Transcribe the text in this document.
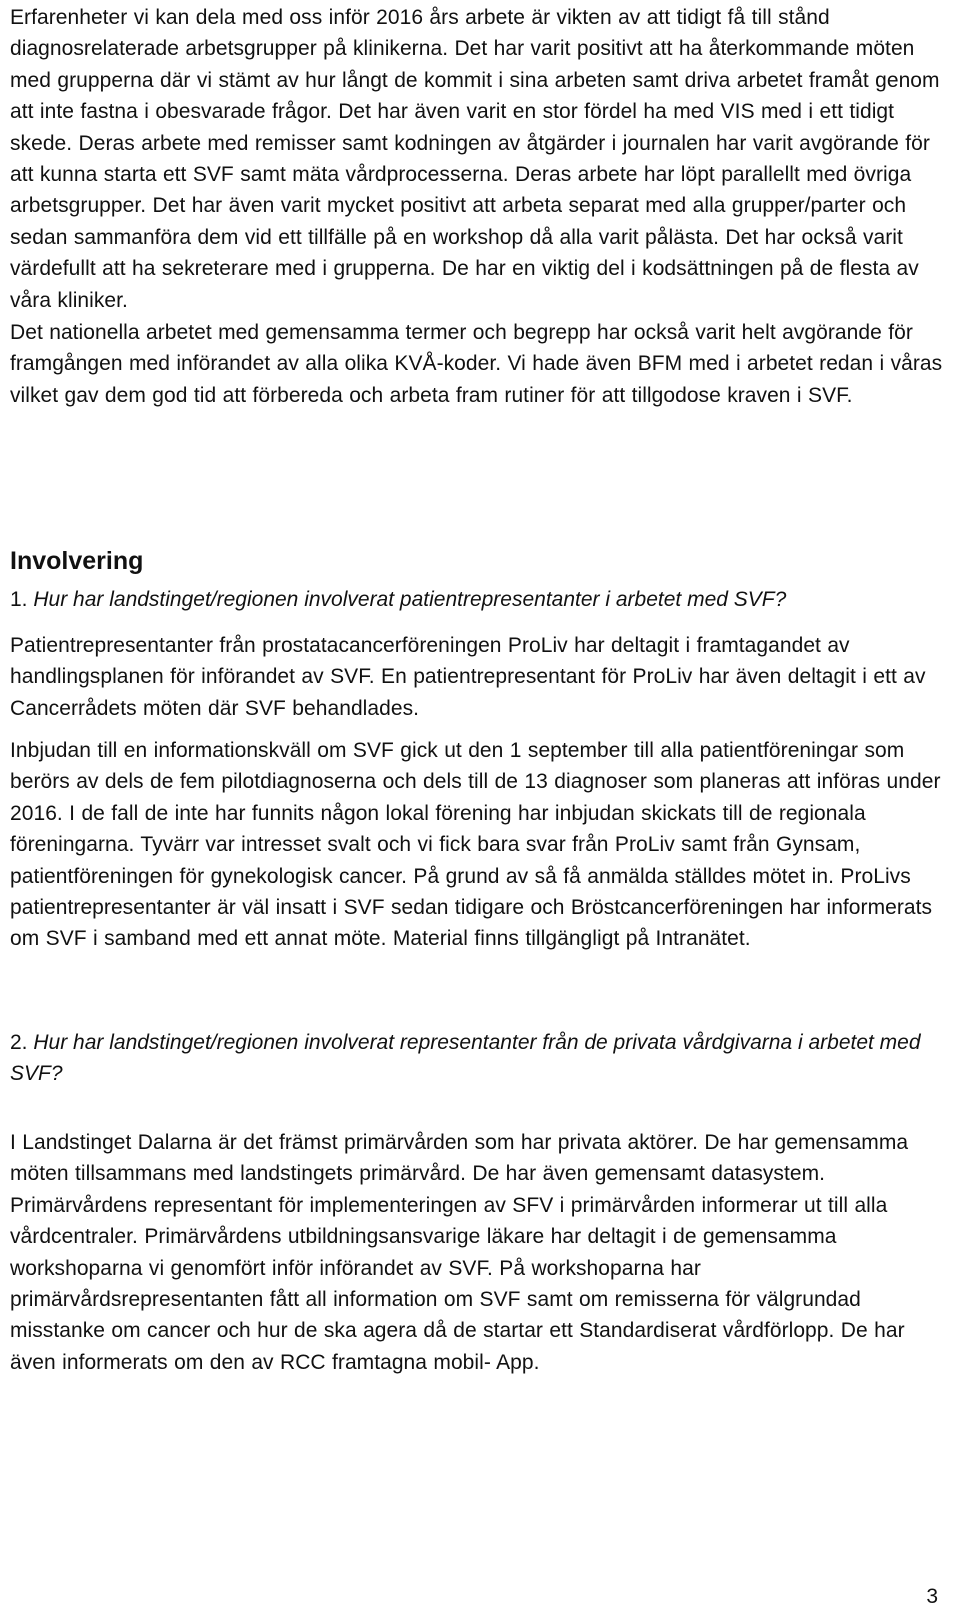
Erfarenheter vi kan dela med oss inför 2016 års arbete är vikten av att tidigt få till stånd diagnosrelaterade arbetsgrupper på klinikerna. Det har varit positivt att ha återkommande möten med grupperna där vi stämt av hur långt de kommit i sina arbeten samt driva arbetet framåt genom att inte fastna i obesvarade frågor. Det har även varit en stor fördel ha med VIS med i ett tidigt skede. Deras arbete med remisser samt kodningen av åtgärder i journalen har varit avgörande för att kunna starta ett SVF samt mäta vårdprocesserna. Deras arbete har löpt parallellt med övriga arbetsgrupper. Det har även varit mycket positivt att arbeta separat med alla grupper/parter och sedan sammanföra dem vid ett tillfälle på en workshop då alla varit pålästa. Det har också varit värdefullt att ha sekreterare med i grupperna. De har en viktig del i kodsättningen på de flesta av våra kliniker.

Det nationella arbetet med gemensamma termer och begrepp har också varit helt avgörande för framgången med införandet av alla olika KVÅ-koder. Vi hade även BFM med i arbetet redan i våras vilket gav dem god tid att förbereda och arbeta fram rutiner för att tillgodose kraven i SVF.

Involvering

1. Hur har landstinget/regionen involverat patientrepresentanter i arbetet med SVF?

Patientrepresentanter från prostatacancerföreningen ProLiv har deltagit i framtagandet av handlingsplanen för införandet av SVF. En patientrepresentant för ProLiv har även deltagit i ett av Cancerrådets möten där SVF behandlades.

Inbjudan till en informationskväll om SVF gick ut den 1 september till alla patientföreningar som berörs av dels de fem pilotdiagnoserna och dels till de 13 diagnoser som planeras att införas under 2016. I de fall de inte har funnits någon lokal förening har inbjudan skickats till de regionala föreningarna. Tyvärr var intresset svalt och vi fick bara svar från ProLiv samt från Gynsam, patientföreningen för gynekologisk cancer. På grund av så få anmälda ställdes mötet in. ProLivs patientrepresentanter är väl insatt i SVF sedan tidigare och Bröstcancerföreningen har informerats om SVF i samband med ett annat möte. Material finns tillgängligt på Intranätet.

2. Hur har landstinget/regionen involverat representanter från de privata vårdgivarna i arbetet med SVF?

I Landstinget Dalarna är det främst primärvården som har privata aktörer. De har gemensamma möten tillsammans med landstingets primärvård. De har även gemensamt datasystem. Primärvårdens representant för implementeringen av SFV i primärvården informerar ut till alla vårdcentraler. Primärvårdens utbildningsansvarige läkare har deltagit i de gemensamma workshoparna vi genomfört inför införandet av SVF. På workshoparna har primärvårdsrepresentanten fått all information om SVF samt om remisserna för välgrundad misstanke om cancer och hur de ska agera då de startar ett Standardiserat vårdförlopp. De har även informerats om den av RCC framtagna mobil- App.

3
